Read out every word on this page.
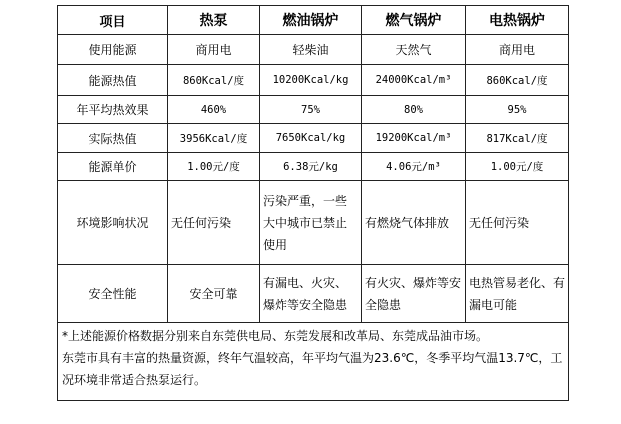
项目	热泵	燃油锅炉	燃气锅炉	电热锅炉
使用能源	商用电	轻柴油	天然气	商用电
能源热值	860Kcal/度	10200Kcal/kg	24000Kcal/m³	860Kcal/度
年平均热效果	460%	75%	80%	95%
实际热值	3956Kcal/度	7650Kcal/kg	19200Kcal/m³	817Kcal/度
能源单价	1.00元/度	6.38元/kg	4.06元/m³	1.00元/度
环境影响状况	无任何污染	污染严重，一些大中城市已禁止使用	有燃烧气体排放	无任何污染
安全性能	安全可靠	有漏电、火灾、爆炸等安全隐患	有火灾、爆炸等安全隐患	电热管易老化、有漏电可能

*上述能源价格数据分别来自东莞供电局、东莞发展和改革局、东莞成品油市场。

东莞市具有丰富的热量资源，终年气温较高，年平均气温为23.6℃，冬季平均气温13.7℃，工况环境非常适合热泵运行。				
